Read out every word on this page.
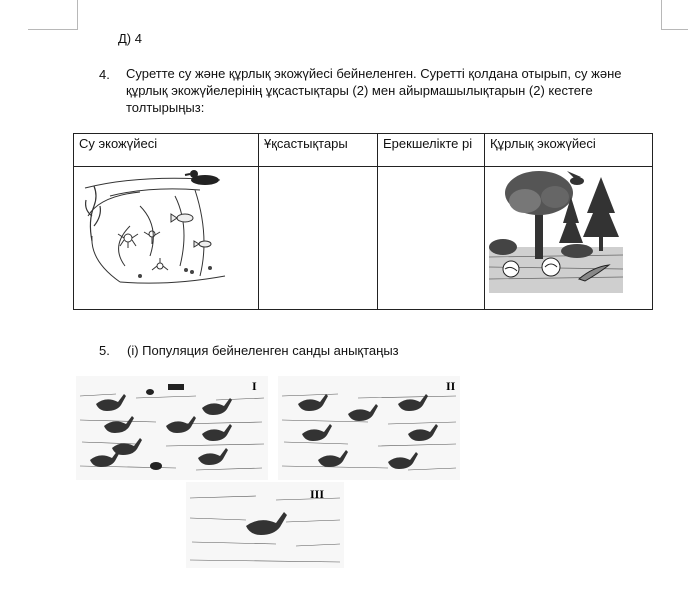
Д) 4
4. Суретте су және құрлық экожүйесі бейнеленген. Суретті қолдана отырып, су және құрлық экожүйелерінің ұқсастықтары (2) мен айырмашылықтарын (2) кестеге толтырыңыз:
Су экожүйесі	Ұқсастықтары	Ерекшелікте рі	Құрлық экожүйесі

5. (і) Популяция бейнеленген санды анықтаңыз
I	II
III
